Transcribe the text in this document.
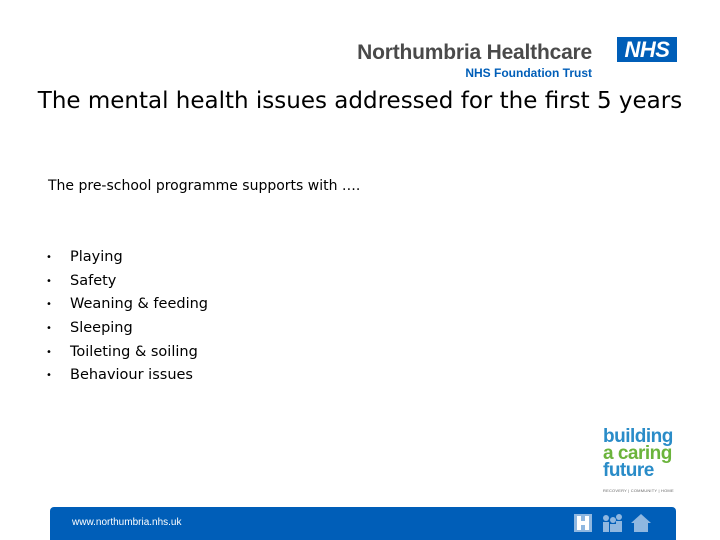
Northumbria Healthcare
NHS Foundation Trust
NHS
The mental health issues addressed for the first 5 years
The pre-school programme supports with ….
•	Playing
•	Safety
•	Weaning & feeding
•	Sleeping
•	Toileting & soiling
•	Behaviour issues
building
a caring
future
RECOVERY | COMMUNITY | HOME
www.northumbria.nhs.uk
